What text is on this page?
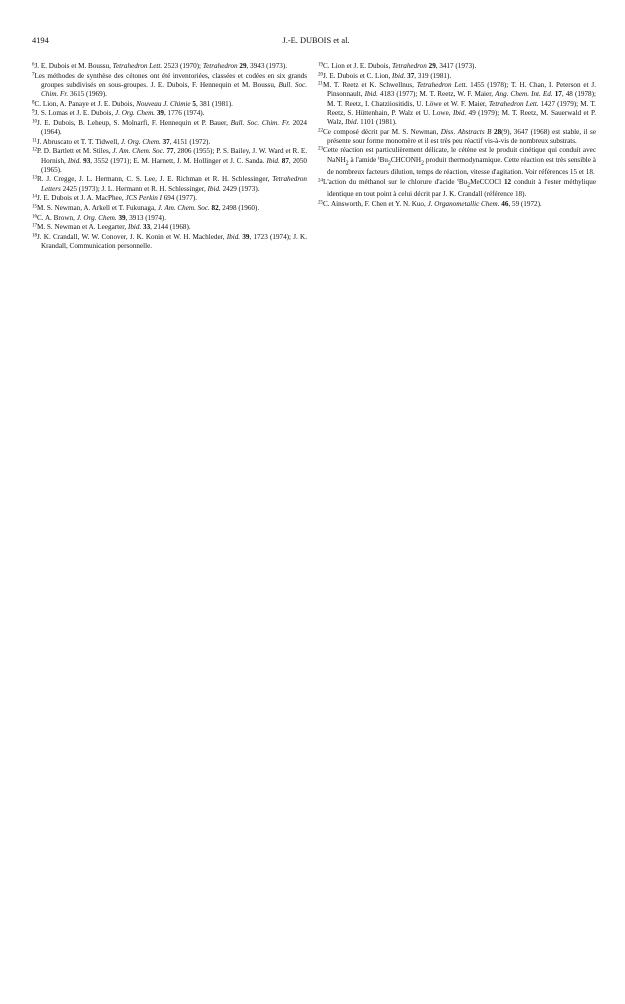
4194	J.-E. DUBOIS et al.

$^6$J. E. Dubois et M. Boussu, Tetrahedron Lett. 2523 (1970); Tetrahedron 29, 3943 (1973).

$^7$Les méthodes de synthèse des cétones ont été inventoriées, classées et codées en six grands groupes subdivisés en sous-groupes. J. E. Dubois, F. Hennequin et M. Boussu, Bull. Soc. Chim. Fr. 3615 (1969).

$^8$C. Lion, A. Panaye et J. E. Dubois, Nouveau J. Chimie 5, 381 (1981).

$^9$J. S. Lomas et J. E. Dubois, J. Org. Chem. 39, 1776 (1974).

$^{10}$J. E. Dubois, B. Leheup, S. Molnarfi, F. Hennequin et P. Bauer, Bull. Soc. Chim. Fr. 2024 (1964).

$^{11}$J. Abruscato et T. T. Tidwell, J. Org. Chem. 37, 4151 (1972).

$^{12}$P. D. Bartlett et M. Stiles, J. Am. Chem. Soc. 77, 2806 (1955); P. S. Bailey, J. W. Ward et R. E. Hornish, Ibid. 93, 3552 (1971); E. M. Harnett, J. M. Hollinger et J. C. Sanda. Ibid. 87, 2050 (1965).

$^{13}$R. J. Cregge, J. L. Hermann, C. S. Lee, J. E. Richman et R. H. Schlessinger, Tetrahedron Letters 2425 (1973); J. L. Hermann et R. H. Schlessinger, Ibid. 2429 (1973).

$^{14}$J. E. Dubois et J. A. MacPhee, JCS Perkin I 694 (1977).

$^{15}$M. S. Newman, A. Arkell et T. Fukunaga, J. Am. Chem. Soc. 82, 2498 (1960).

$^{16}$C. A. Brown, J. Org. Chem. 39, 3913 (1974).

$^{17}$M. S. Newman et A. Leegarter, Ibid. 33, 2144 (1968).

$^{18}$J. K. Crandall, W. W. Conover, J. K. Konin et W. H. Machleder, Ibid. 39, 1723 (1974); J. K. Krandall, Communication personnelle.

$^{19}$C. Lion et J. E. Dubois, Tetrahedron 29, 3417 (1973).

$^{20}$J. E. Dubois et C. Lion, Ibid. 37, 319 (1981).

$^{21}$M. T. Reetz et K. Schwellnus, Tetrahedron Lett. 1455 (1978); T. H. Chan, I. Peterson et J. Pinsonnault, Ibid. 4183 (1977); M. T. Reetz, W. F. Maier, Ang. Chem. Int. Ed. 17, 48 (1978); M. T. Reetz, I. Chatziiositidis, U. Löwe et W. F. Maier, Tetrahedron Lett. 1427 (1979); M. T. Reetz, S. Hüttenhain, P. Walz et U. Lowe, Ibid. 49 (1979); M. T. Reetz, M. Sauerwald et P. Walz, Ibid. 1101 (1981).

$^{22}$Ce composé décrit par M. S. Newman, Diss. Abstracts B 28(9), 3647 (1968) est stable, il se présente sour forme monomère et il est très peu réactif vis-à-vis de nombreux substrats.

$^{23}$Cette réaction est particulièrement délicate, le cétène est le produit cinétique qui conduit avec NaNH$_2$ à l'amide $^tBu_2CHCONH_2$ produit thermodynamique. Cette réaction est très sensible à de nombreux facteurs dilution, temps de réaction, vitesse d'agitation. Voir références 15 et 18.

$^{24}$L'action du méthanol sur le chlorure d'acide $^tBu_2MeCCOCl$ 12 conduit à l'ester méthylique identique en tout point à celui décrit par J. K. Crandall (référence 18).

$^{25}$C. Ainsworth, F. Chen et Y. N. Kuo, J. Organometallic Chem. 46, 59 (1972).
